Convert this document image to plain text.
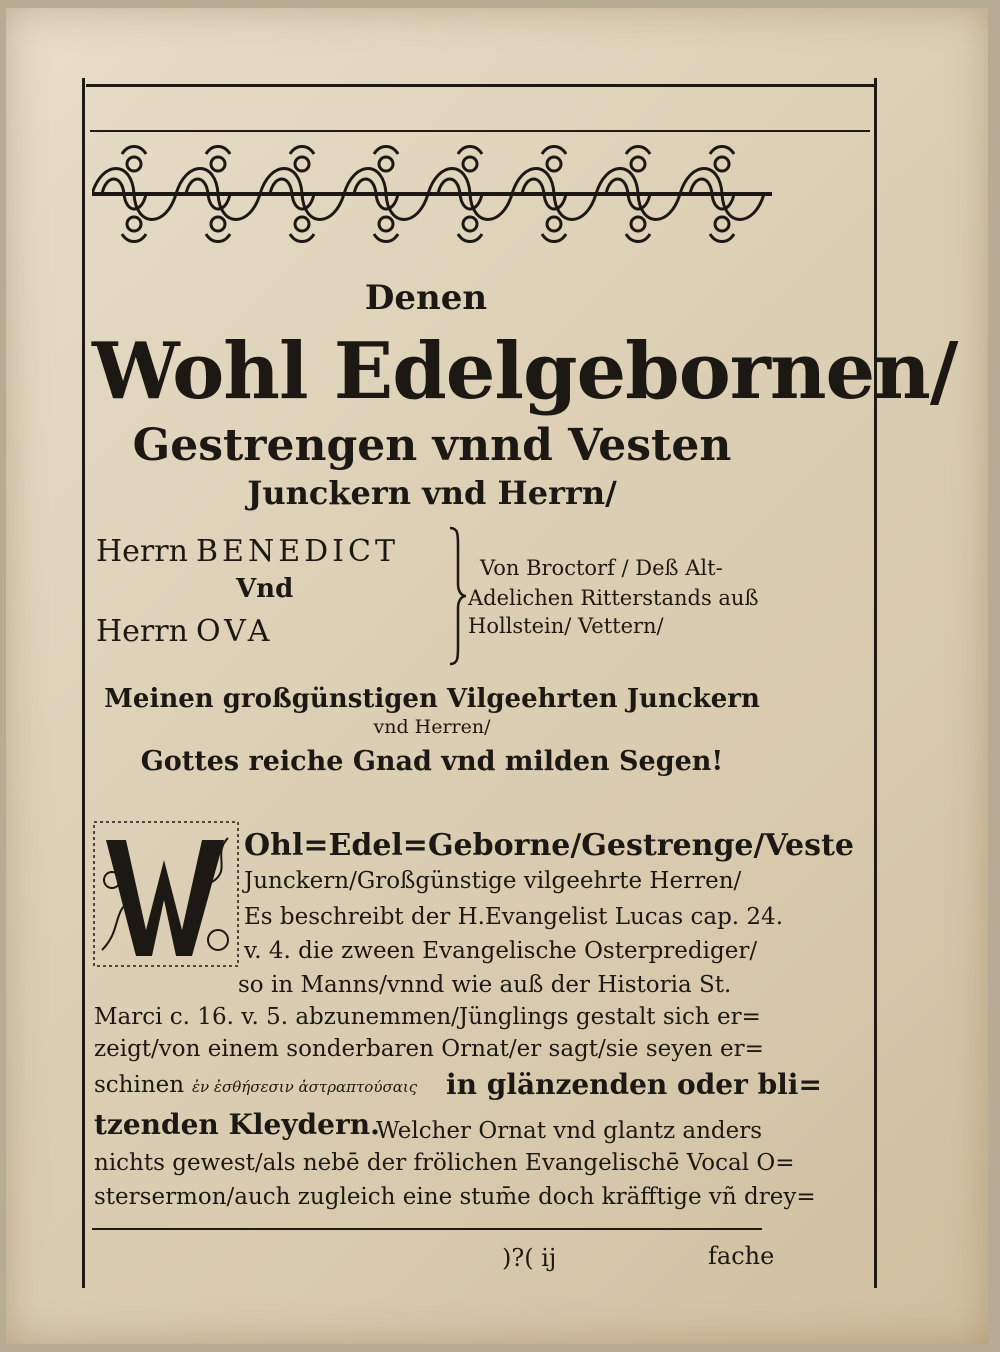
Denen
Wohl Edelgebornen/
Gestrengen vnnd Vesten
Junckern vnd Herrn/
Herrn BENEDICT
Vnd
Herrn OVA
Von Broctorf / Deß Alt-
Adelichen Ritterstands auß
Hollstein/ Vettern/
Meinen großgünstigen Vilgeehrten Junckern
vnd Herren/
Gottes reiche Gnad vnd milden Segen!
Ohl=Edel=Geborne/Gestrenge/Veste
Junckern/Großgünstige vilgeehrte Herren/
Es beschreibt der H.Evangelist Lucas cap. 24.
v. 4. die zween Evangelische Osterprediger/
so in Manns/vnnd wie auß der Historia St.
Marci c. 16. v. 5. abzunemmen/Jünglings gestalt sich er=
zeigt/von einem sonderbaren Ornat/er sagt/sie seyen er=
schinen ἐν ἐσθήσεσιν ἀστραπτούσαις in glänzenden oder bli=
tzenden Kleydern.
Welcher Ornat vnd glantz anders
nichts gewest/als nebē der frölichen Evangelischē Vocal O=
stersermon/auch zugleich eine stum̄e doch kräfftige vñ drey=
)?( ij	fache
